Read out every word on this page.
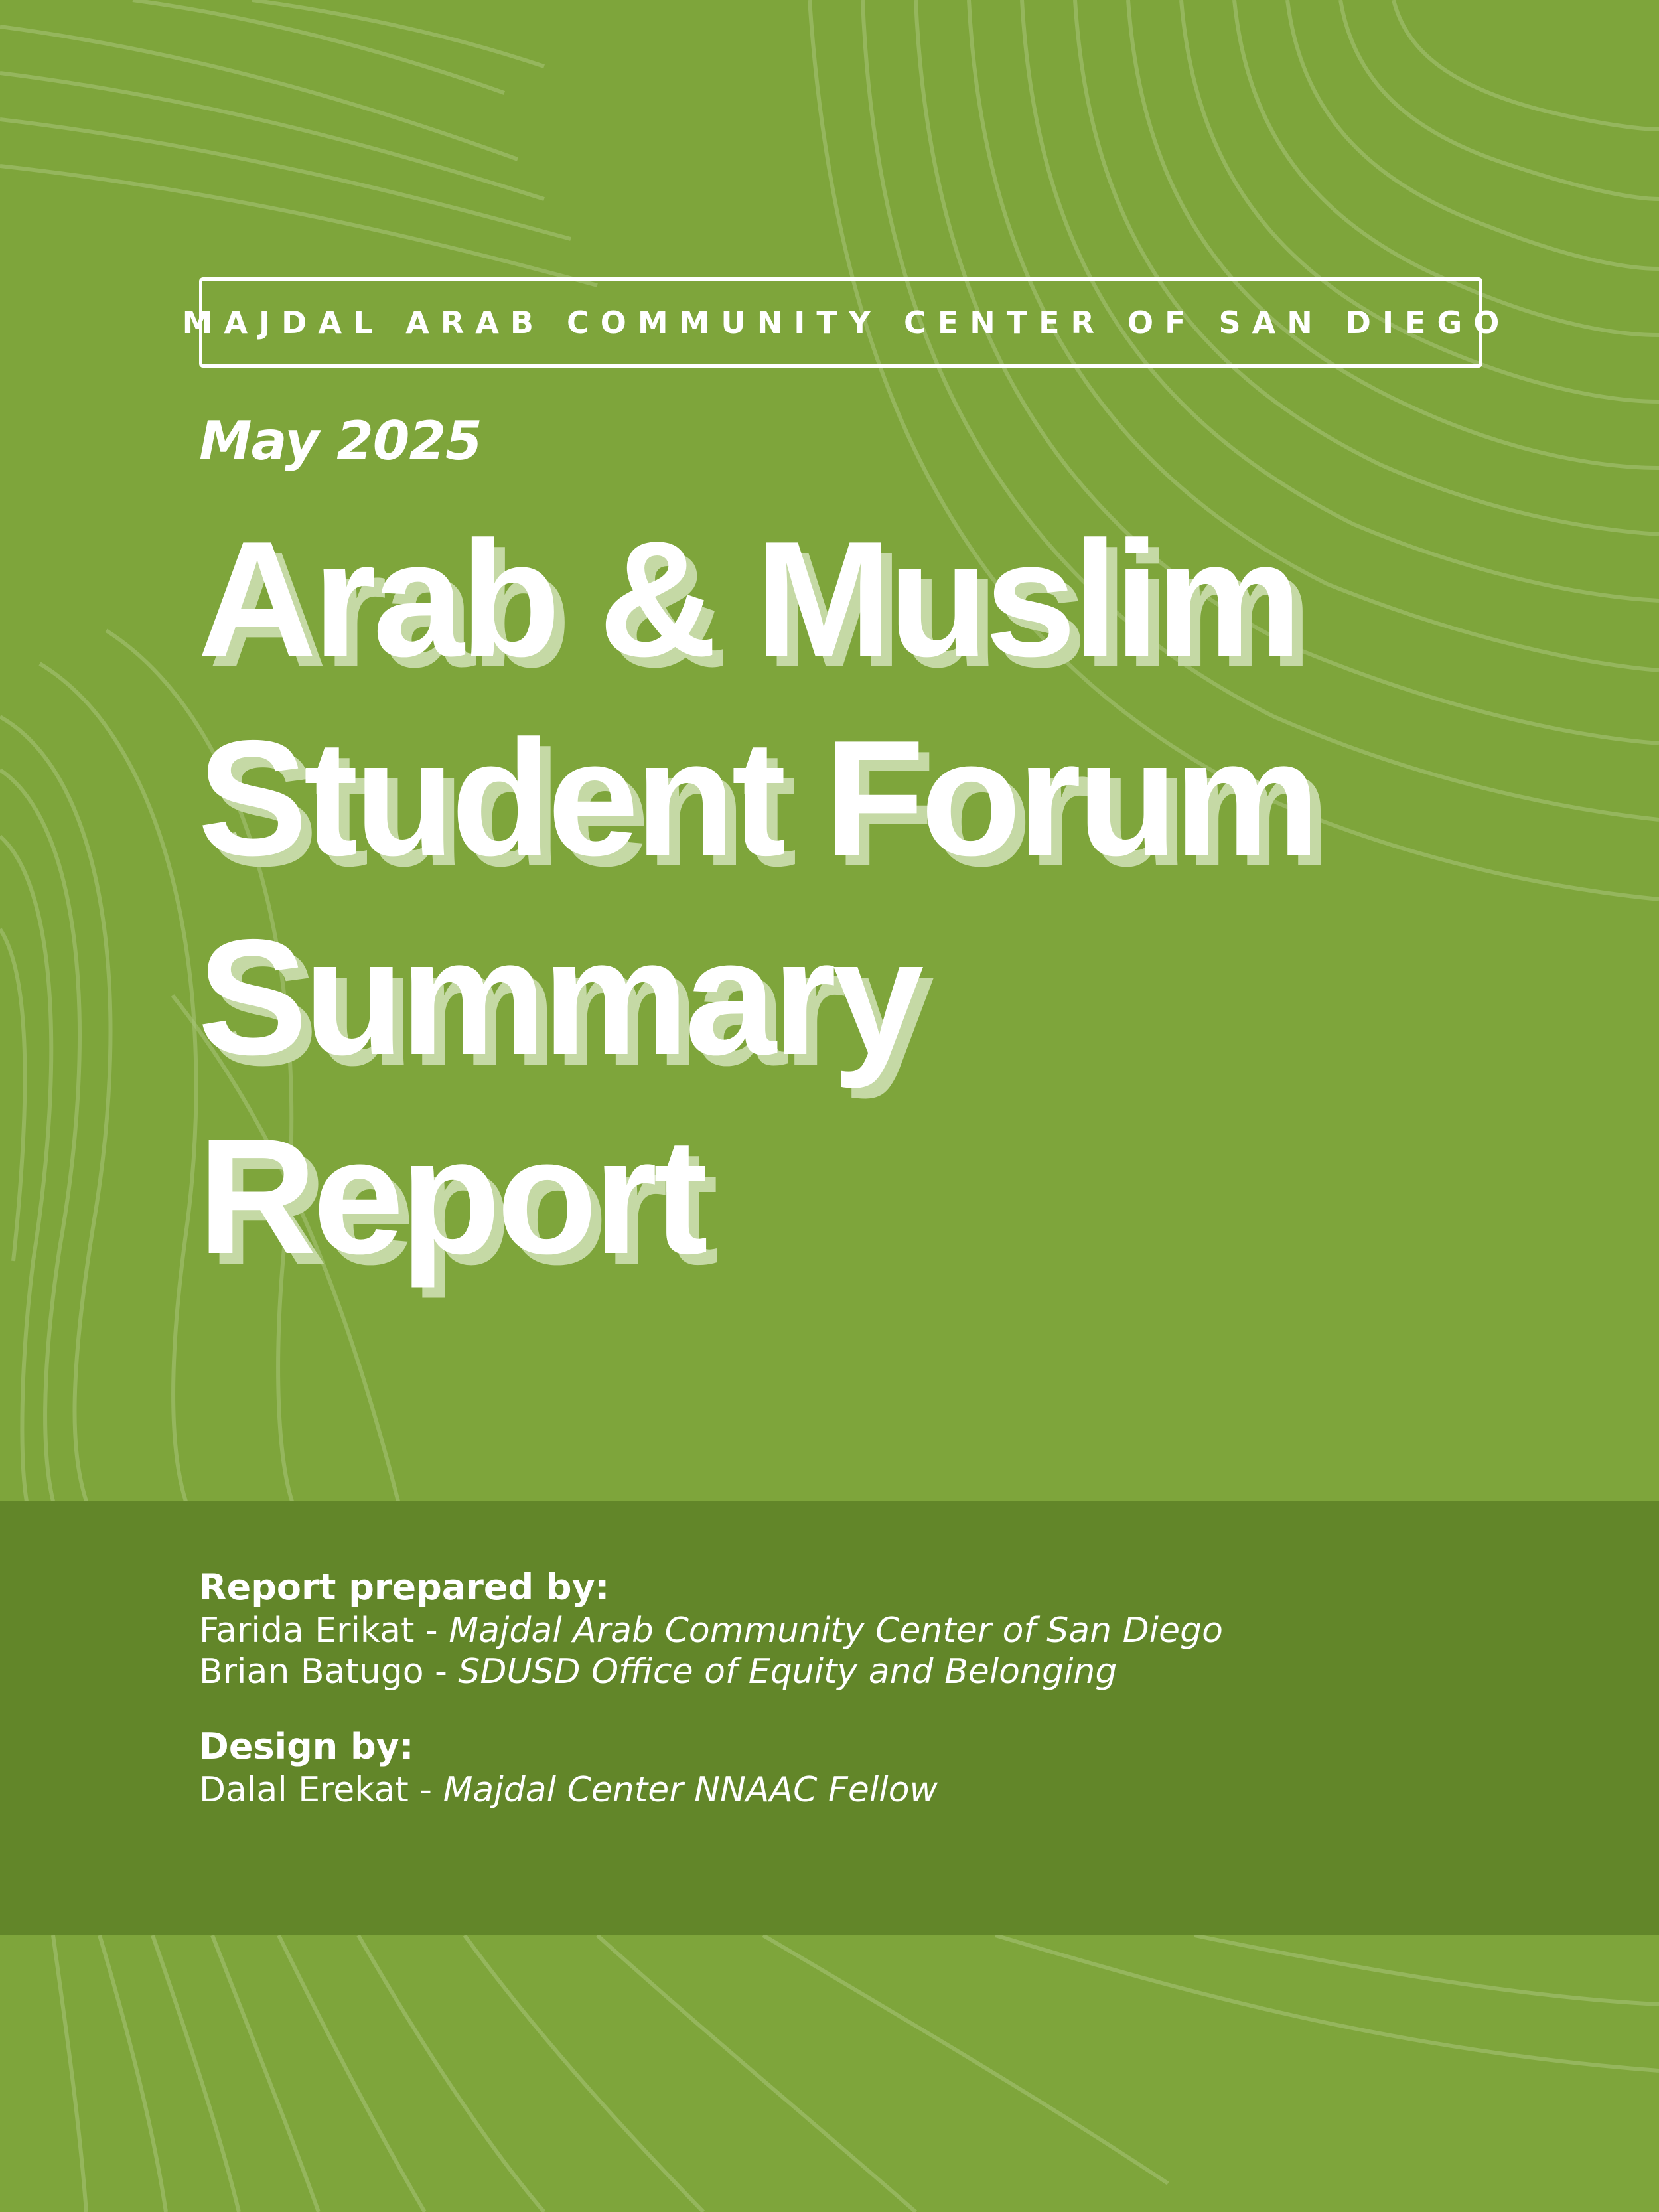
MAJDAL ARAB COMMUNITY CENTER OF SAN DIEGO
May 2025
Arab & Muslim
Student Forum
Summary
Report
Report prepared by:
Farida Erikat - Majdal Arab Community Center of San Diego
Brian Batugo - SDUSD Office of Equity and Belonging
Design by:
Dalal Erekat - Majdal Center NNAAC Fellow
